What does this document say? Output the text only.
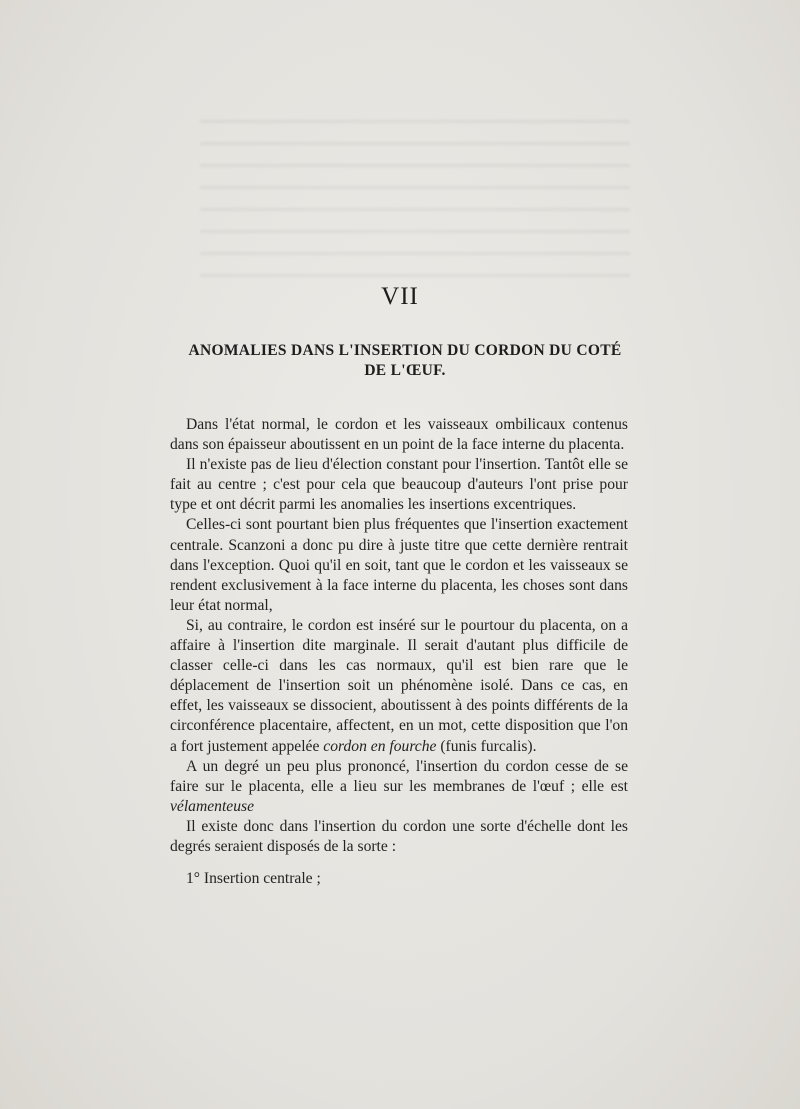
VII
ANOMALIES DANS L'INSERTION DU CORDON DU COTÉ
DE L'ŒUF.

Dans l'état normal, le cordon et les vaisseaux ombilicaux contenus dans son épaisseur aboutissent en un point de la face interne du placenta.

Il n'existe pas de lieu d'élection constant pour l'insertion. Tantôt elle se fait au centre ; c'est pour cela que beaucoup d'auteurs l'ont prise pour type et ont décrit parmi les anomalies les insertions excentriques.

Celles-ci sont pourtant bien plus fréquentes que l'insertion exactement centrale. Scanzoni a donc pu dire à juste titre que cette dernière rentrait dans l'exception. Quoi qu'il en soit, tant que le cordon et les vaisseaux se rendent exclusivement à la face interne du placenta, les choses sont dans leur état normal,

Si, au contraire, le cordon est inséré sur le pourtour du placenta, on a affaire à l'insertion dite marginale. Il serait d'autant plus difficile de classer celle-ci dans les cas normaux, qu'il est bien rare que le déplacement de l'insertion soit un phénomène isolé. Dans ce cas, en effet, les vaisseaux se dissocient, aboutissent à des points différents de la circonférence placentaire, affectent, en un mot, cette disposition que l'on a fort justement appelée cordon en fourche (funis furcalis).

A un degré un peu plus prononcé, l'insertion du cordon cesse de se faire sur le placenta, elle a lieu sur les membranes de l'œuf ; elle est vélamenteuse

Il existe donc dans l'insertion du cordon une sorte d'échelle dont les degrés seraient disposés de la sorte :

1° Insertion centrale ;
